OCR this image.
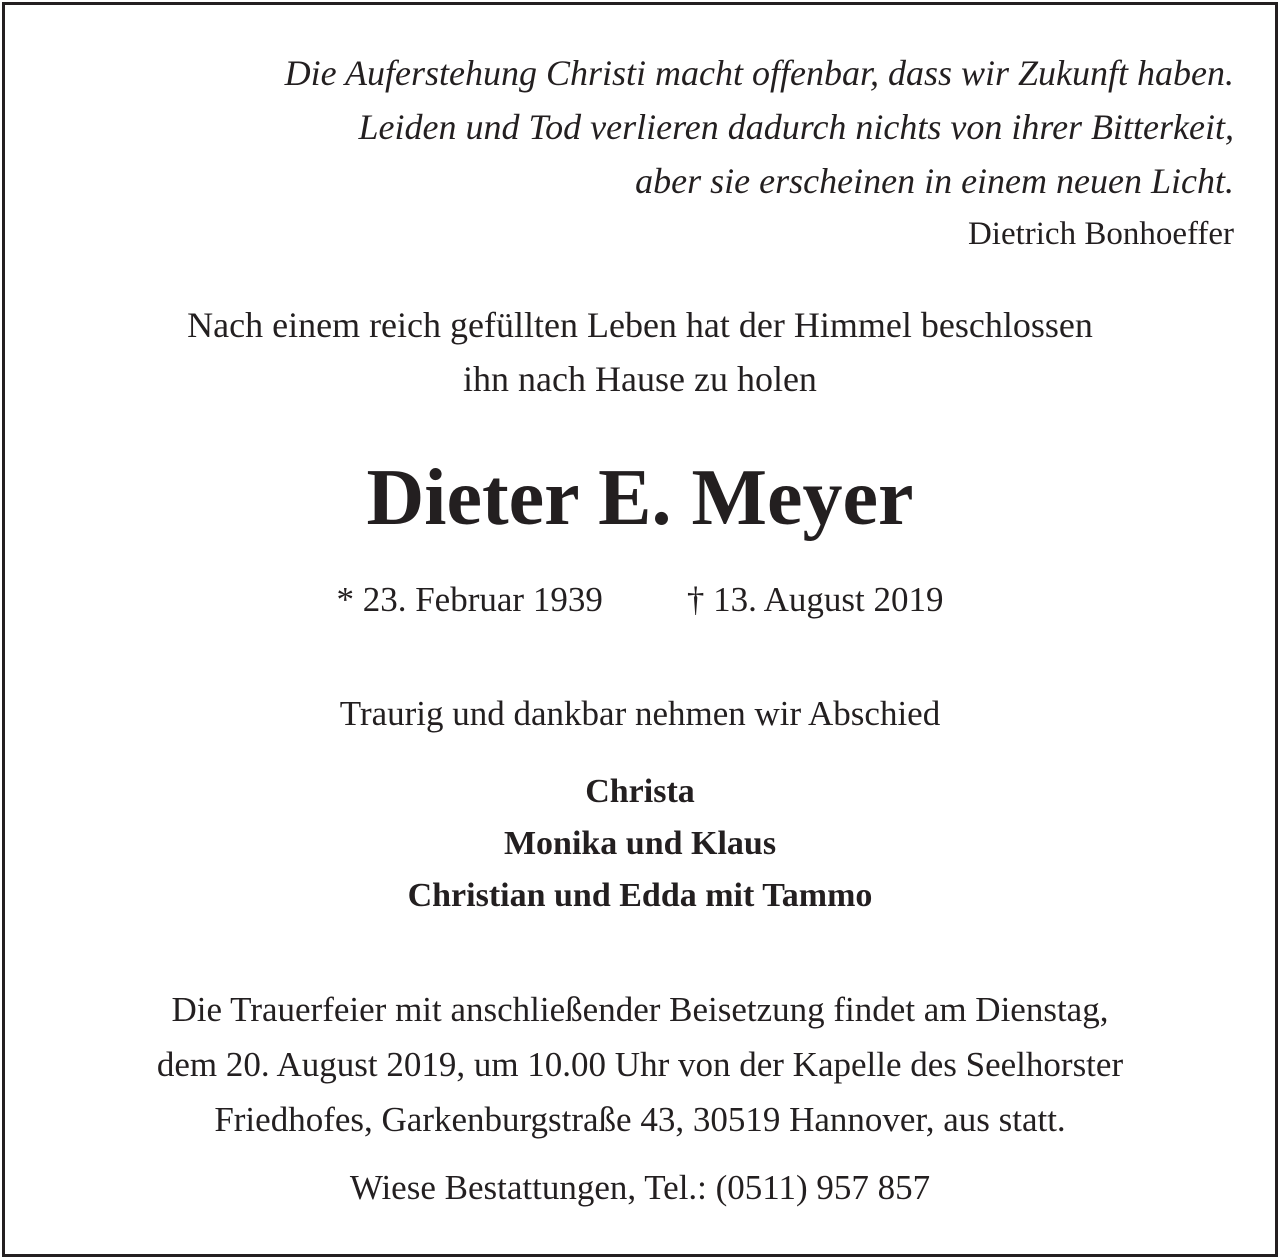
Die Auferstehung Christi macht offenbar, dass wir Zukunft haben.
Leiden und Tod verlieren dadurch nichts von ihrer Bitterkeit,
aber sie erscheinen in einem neuen Licht.
Dietrich Bonhoeffer
Nach einem reich gefüllten Leben hat der Himmel beschlossen
ihn nach Hause zu holen
Dieter E. Meyer
* 23. Februar 1939 † 13. August 2019
Traurig und dankbar nehmen wir Abschied
Christa
Monika und Klaus
Christian und Edda mit Tammo
Die Trauerfeier mit anschließender Beisetzung findet am Dienstag,
dem 20. August 2019, um 10.00 Uhr von der Kapelle des Seelhorster
Friedhofes, Garkenburgstraße 43, 30519 Hannover, aus statt.
Wiese Bestattungen, Tel.: (0511) 957 857
